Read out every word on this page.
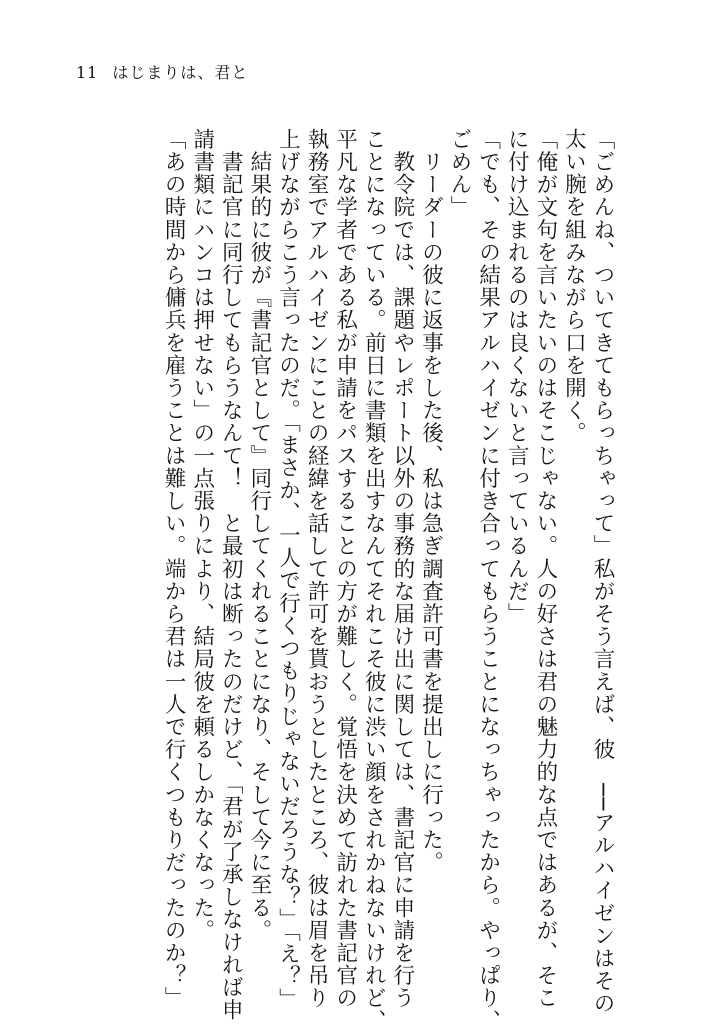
11 はじまりは、君と

「ごめんね、ついてきてもらっちゃって」私がそう言えば、彼　──アルハイゼンはその

太い腕を組みながら口を開く。

「俺が文句を言いたいのはそこじゃない。人の好さは君の魅力的な点ではあるが、そこ

に付け込まれるのは良くないと言っているんだ」

「でも、その結果アルハイゼンに付き合ってもらうことになっちゃったから。やっぱり、

ごめん」

　リーダーの彼に返事をした後、私は急ぎ調査許可書を提出しに行った。

　教令院では、課題やレポート以外の事務的な届け出に関しては、書記官に申請を行う

ことになっている。前日に書類を出すなんてそれこそ彼に渋い顔をされかねないけれど、

平凡な学者である私が申請をパスすることの方が難しく。覚悟を決めて訪れた書記官の

執務室でアルハイゼンにことの経緯を話して許可を貰おうとしたところ、彼は眉を吊り

上げながらこう言ったのだ。「まさか、一人で行くつもりじゃないだろうな？」「え？」

　結果的に彼が『書記官として』同行してくれることになり、そして今に至る。

　書記官に同行してもらうなんて！　と最初は断ったのだけど、「君が了承しなければ申

請書類にハンコは押せない」の一点張りにより、結局彼を頼るしかなくなった。

「あの時間から傭兵を雇うことは難しい。端から君は一人で行くつもりだったのか？」
